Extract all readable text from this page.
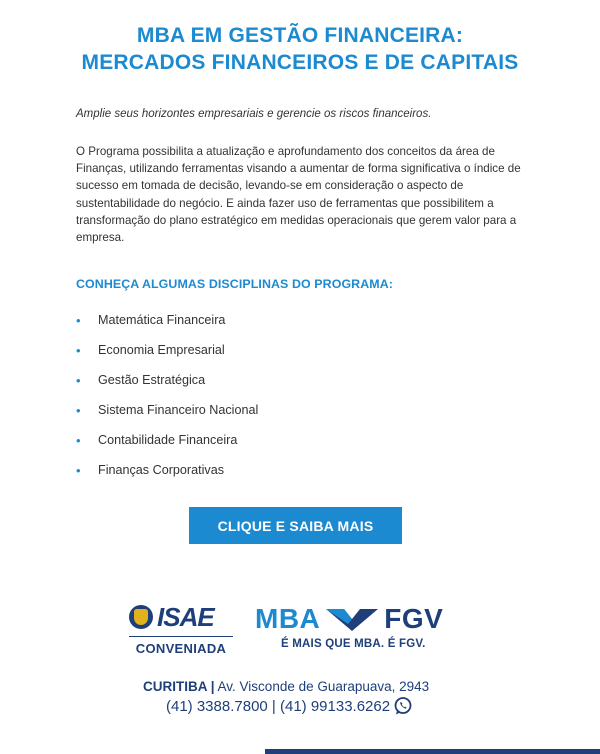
MBA EM GESTÃO FINANCEIRA:
MERCADOS FINANCEIROS E DE CAPITAIS

Amplie seus horizontes empresariais e gerencie os riscos financeiros.

O Programa possibilita a atualização e aprofundamento dos conceitos da área de Finanças, utilizando ferramentas visando a aumentar de forma significativa o índice de sucesso em tomada de decisão, levando-se em consideração o aspecto de sustentabilidade do negócio. E ainda fazer uso de ferramentas que possibilitem a transformação do plano estratégico em medidas operacionais que gerem valor para a empresa.

CONHEÇA ALGUMAS DISCIPLINAS DO PROGRAMA:
•	Matemática Financeira
•	Economia Empresarial
•	Gestão Estratégica
•	Sistema Financeiro Nacional
•	Contabilidade Financeira
•	Finanças Corporativas
CLIQUE E SAIBA MAIS
ISAE
CONVENIADA
MBA FGV
É MAIS QUE MBA. É FGV.
CURITIBA | Av. Visconde de Guarapuava, 2943
(41) 3388.7800 | (41) 99133.6262
